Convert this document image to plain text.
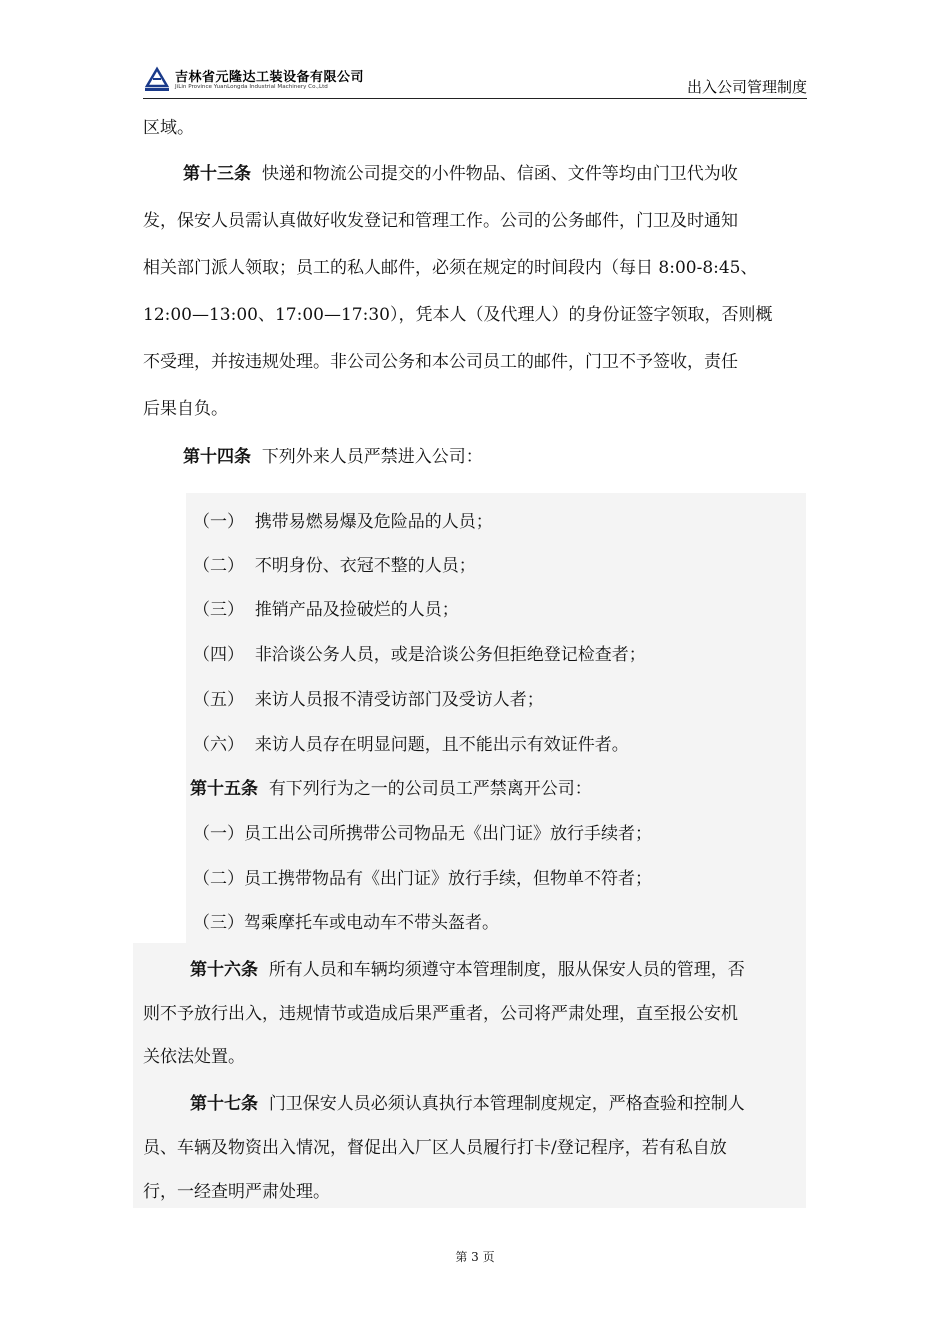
吉林省元隆达工装设备有限公司
JiLin Province YuanLongda Industrial Machinery Co.,Ltd	出入公司管理制度
区域。
第十三条 快递和物流公司提交的小件物品、信函、文件等均由门卫代为收
发，保安人员需认真做好收发登记和管理工作。公司的公务邮件，门卫及时通知
相关部门派人领取；员工的私人邮件，必须在规定的时间段内（每日 8:00-8:45、
12:00—13:00、17:00—17:30），凭本人（及代理人）的身份证签字领取，否则概
不受理，并按违规处理。非公司公务和本公司员工的邮件，门卫不予签收，责任
后果自负。
第十四条 下列外来人员严禁进入公司：
（一） 携带易燃易爆及危险品的人员；
（二） 不明身份、衣冠不整的人员；
（三） 推销产品及捡破烂的人员；
（四） 非洽谈公务人员，或是洽谈公务但拒绝登记检查者；
（五） 来访人员报不清受访部门及受访人者；
（六） 来访人员存在明显问题，且不能出示有效证件者。
第十五条 有下列行为之一的公司员工严禁离开公司：
（一）员工出公司所携带公司物品无《出门证》放行手续者；
（二）员工携带物品有《出门证》放行手续，但物单不符者；
（三）驾乘摩托车或电动车不带头盔者。
第十六条 所有人员和车辆均须遵守本管理制度，服从保安人员的管理，否
则不予放行出入，违规情节或造成后果严重者，公司将严肃处理，直至报公安机
关依法处置。
第十七条 门卫保安人员必须认真执行本管理制度规定，严格查验和控制人
员、车辆及物资出入情况，督促出入厂区人员履行打卡/登记程序，若有私自放
行，一经查明严肃处理。
第 3 页
